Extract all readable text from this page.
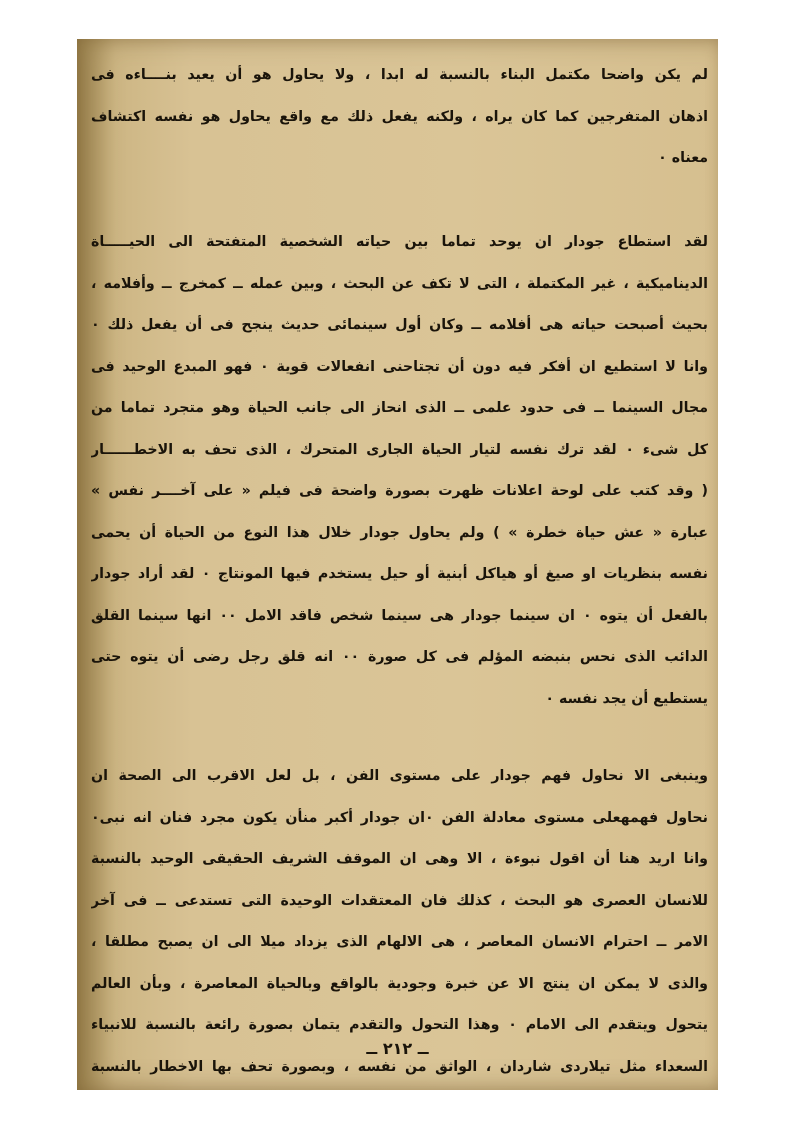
لم يكن واضحا مكتمل البناء بالنسبة له ابدا ، ولا يحاول هو أن يعيد بنــــاءه فى
اذهان المتفرجين كما كان يراه ، ولكنه يفعل ذلك مع واقع يحاول هو نفسه اكتشاف
معناه ٠
لقد استطاع جودار ان يوحد تماما بين حياته الشخصية المتفتحة الى الحيـــــاة
الديناميكية ، غير المكتملة ، التى لا تكف عن البحث ، وبين عمله ــ كمخرج ــ وأفلامه ،
بحيث أصبحت حياته هى أفلامه ــ وكان أول سينمائى حديث ينجح فى أن يفعل ذلك ٠
وانا لا استطيع ان أفكر فيه دون أن تجتاحنى انفعالات قوية ٠ فهو المبدع الوحيد فى
مجال السينما ــ فى حدود علمى ــ الذى انحاز الى جانب الحياة وهو متجرد تماما من
كل شىء ٠ لقد ترك نفسه لتيار الحياة الجارى المتحرك ، الذى تحف به الاخطــــــار
( وقد كتب على لوحة اعلانات ظهرت بصورة واضحة فى فيلم « على آخــــر نفس »
عبارة « عش حياة خطرة » ) ولم يحاول جودار خلال هذا النوع من الحياة أن يحمى
نفسه بنظريات او صيغ أو هياكل أبنية أو حيل يستخدم فيها المونتاج ٠ لقد أراد جودار
بالفعل أن يتوه ٠ ان سينما جودار هى سينما شخص فاقد الامل ٠٠ انها سينما القلق
الدائب الذى نحس بنبضه المؤلم فى كل صورة ٠٠ انه قلق رجل رضى أن يتوه حتى
يستطيع أن يجد نفسه ٠
وينبغى الا نحاول فهم جودار على مستوى الفن ، بل لعل الاقرب الى الصحة ان
نحاول فهمهعلى مستوى معادلة الفن ٠ان جودار أكبر منأن يكون مجرد فنان انه نبى٠
وانا اريد هنا أن اقول نبوءة ، الا وهى ان الموقف الشريف الحقيقى الوحيد بالنسبة
للانسان العصرى هو البحث ، كذلك فان المعتقدات الوحيدة التى تستدعى ــ فى آخر
الامر ــ احترام الانسان المعاصر ، هى الالهام الذى يزداد ميلا الى ان يصبح مطلقا ،
والذى لا يمكن ان ينتج الا عن خبرة وجودية بالواقع وبالحياة المعاصرة ، وبأن العالم
يتحول ويتقدم الى الامام ٠ وهذا التحول والتقدم يتمان بصورة رائعة بالنسبة للانبياء
السعداء مثل تيلاردى شاردان ، الواثق من نفسه ، وبصورة تحف بها الاخطار بالنسبة
ــ ٢١٢ ــ
